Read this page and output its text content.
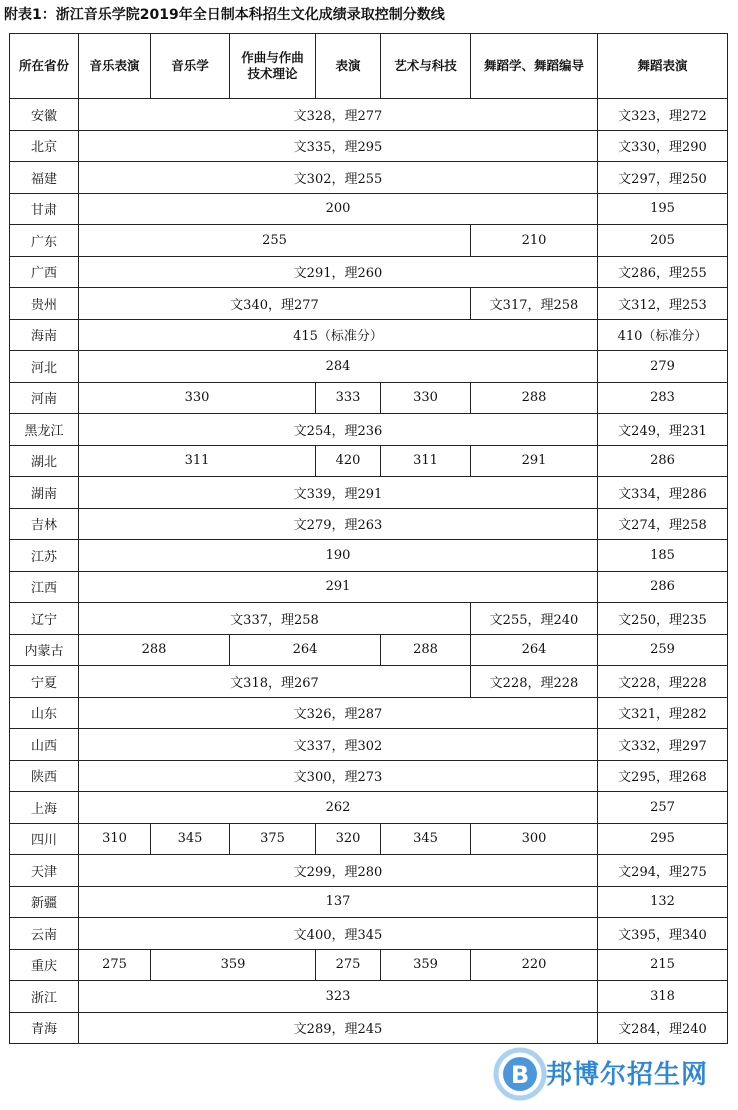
附表1：浙江音乐学院2019年全日制本科招生文化成绩录取控制分数线
所在省份	音乐表演	音乐学	作曲与作曲技术理论	表演	艺术与科技	舞蹈学、舞蹈编导	舞蹈表演
安徽	文328，理277						文323，理272
北京	文335，理295						文330，理290
福建	文302，理255						文297，理250
甘肃	200						195
广东	255					210	205
广西	文291，理260						文286，理255
贵州	文340，理277					文317，理258	文312，理253
海南	415（标准分）						410（标准分）
河北	284						279
河南	330			333	330	288	283
黑龙江	文254，理236						文249，理231
湖北	311			420	311	291	286
湖南	文339，理291						文334，理286
吉林	文279，理263						文274，理258
江苏	190						185
江西	291						286
辽宁	文337，理258					文255，理240	文250，理235
内蒙古	288		264		288	264	259
宁夏	文318，理267					文228，理228	文228，理228
山东	文326，理287						文321，理282
山西	文337，理302						文332，理297
陕西	文300，理273						文295，理268
上海	262						257
四川	310	345	375	320	345	300	295
天津	文299，理280						文294，理275
新疆	137						132
云南	文400，理345						文395，理340
重庆	275	359		275	359	220	215
浙江	323						318
青海	文289，理245						文284，理240
B 邦博尔招生网
